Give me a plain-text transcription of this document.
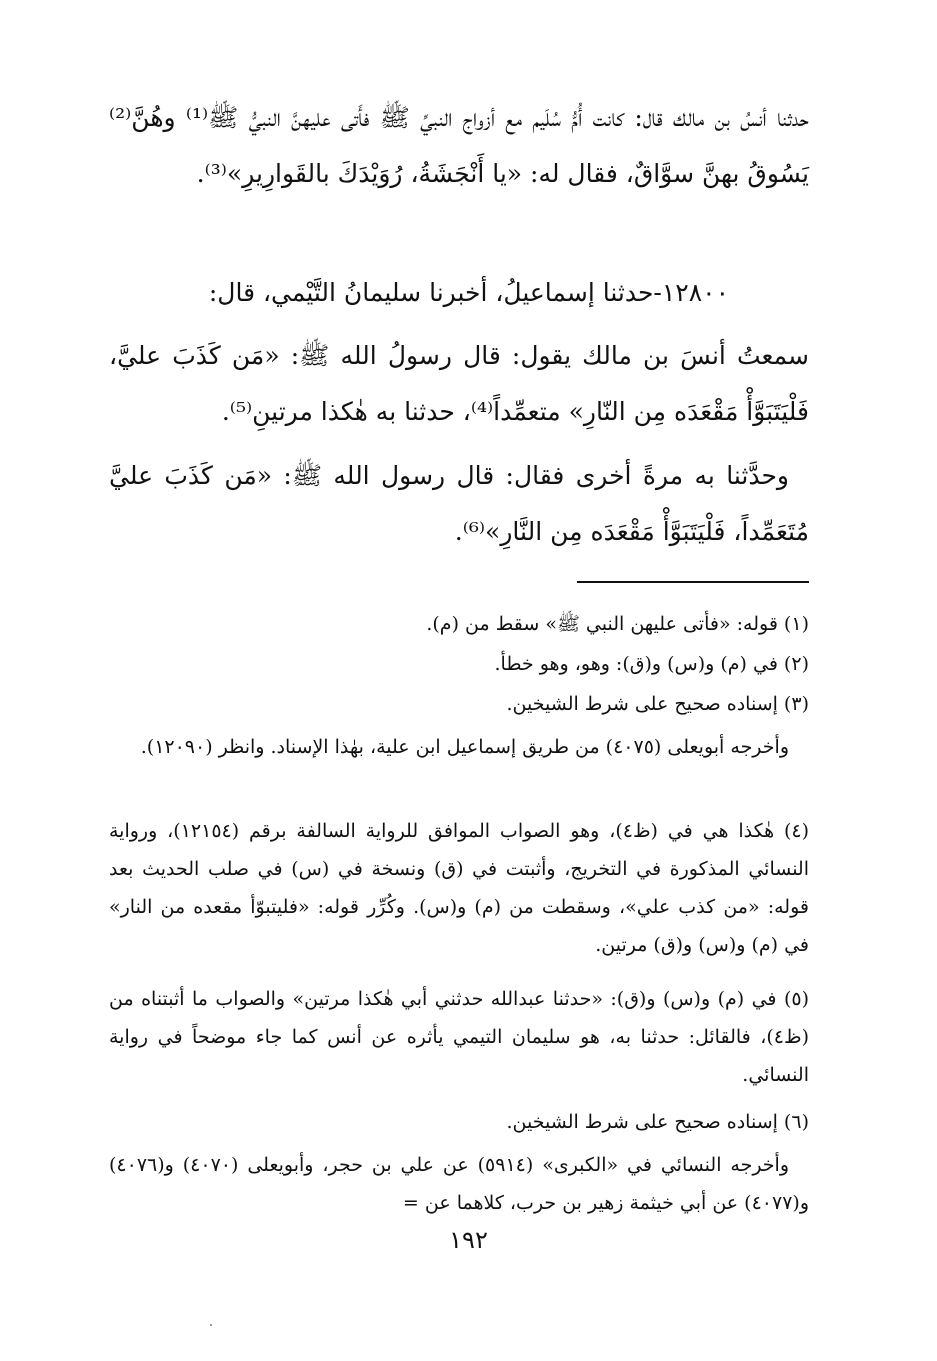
حدثنا أنسُ بن مالك قال: كانت أُمُّ سُلَيم مع أزواج النبيِّ ﷺ فأَتى عليهنَّ النبيُّ ﷺ⁽¹⁾ وهُنَّ⁽²⁾ يَسُوقُ بهنَّ سوَّاقٌ، فقال له: «يا أَنْجَشَةُ، رُوَيْدَكَ بالقَوارِيرِ»⁽³⁾.
١٢٨٠٠-حدثنا إسماعيلُ، أخبرنا سليمانُ التَّيْمي، قال:
سمعتُ أنسَ بن مالك يقول: قال رسولُ الله ﷺ: «مَن كَذَبَ عليَّ، فَلْيَتَبَوَّأْ مَقْعَدَه مِن النّارِ» متعمِّداً⁽⁴⁾، حدثنا به هٰكذا مرتينِ⁽⁵⁾.
وحدَّثنا به مرةً أخرى فقال: قال رسول الله ﷺ: «مَن كَذَبَ عليَّ مُتَعَمِّداً، فَلْيَتَبَوَّأْ مَقْعَدَه مِن النَّارِ»⁽⁶⁾.
(١) قوله: «فأتى عليهن النبي ﷺ» سقط من (م).
(٢) في (م) و(س) و(ق): وهو، وهو خطأ.
(٣) إسناده صحيح على شرط الشيخين.
وأخرجه أبويعلى (٤٠٧٥) من طريق إسماعيل ابن علية، بهٰذا الإسناد. وانظر (١٢٠٩٠).
(٤) هٰكذا هي في (ظ٤)، وهو الصواب الموافق للرواية السالفة برقم (١٢١٥٤)، ورواية النسائي المذكورة في التخريج، وأثبتت في (ق) ونسخة في (س) في صلب الحديث بعد قوله: «من كذب علي»، وسقطت من (م) و(س). وكُرِّر قوله: «فليتبوّأ مقعده من النار» في (م) و(س) و(ق) مرتين.
(٥) في (م) و(س) و(ق): «حدثنا عبدالله حدثني أبي هٰكذا مرتين» والصواب ما أثبتناه من (ظ٤)، فالقائل: حدثنا به، هو سليمان التيمي يأثره عن أنس كما جاء موضحاً في رواية النسائي.
(٦) إسناده صحيح على شرط الشيخين.
وأخرجه النسائي في «الكبرى» (٥٩١٤) عن علي بن حجر، وأبويعلى (٤٠٧٠) و(٤٠٧٦) و(٤٠٧٧) عن أبي خيثمة زهير بن حرب، كلاهما عن =
١٩٢
